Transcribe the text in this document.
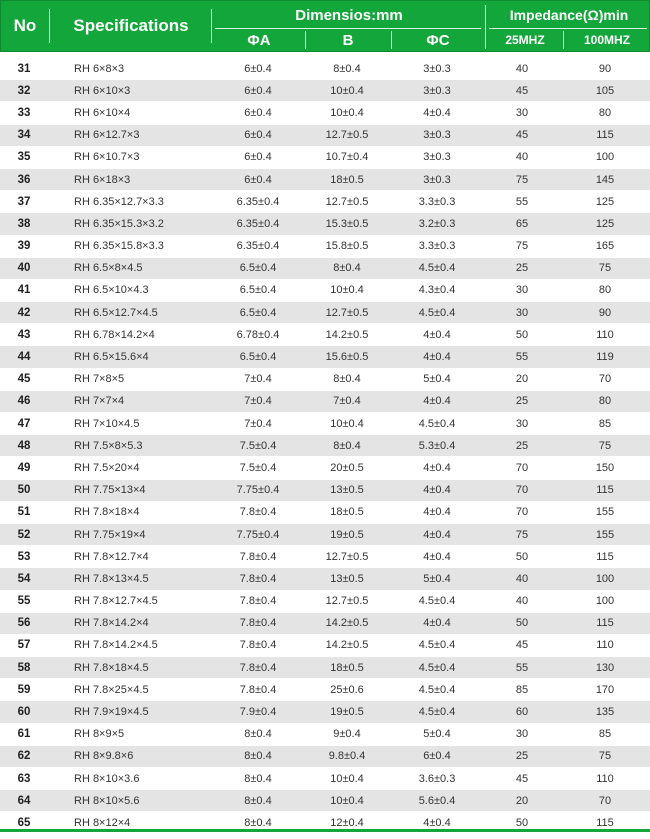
No	Specifications
Dimensios:mm	Impedance(Ω)min
ΦA	B	ΦC	25MHZ	100MHZ
31	RH 6×8×3	6±0.4	8±0.4	3±0.3	40	90
32	RH 6×10×3	6±0.4	10±0.4	3±0.3	45	105
33	RH 6×10×4	6±0.4	10±0.4	4±0.4	30	80
34	RH 6×12.7×3	6±0.4	12.7±0.5	3±0.3	45	115
35	RH 6×10.7×3	6±0.4	10.7±0.4	3±0.3	40	100
36	RH 6×18×3	6±0.4	18±0.5	3±0.3	75	145
37	RH 6.35×12.7×3.3	6.35±0.4	12.7±0.5	3.3±0.3	55	125
38	RH 6.35×15.3×3.2	6.35±0.4	15.3±0.5	3.2±0.3	65	125
39	RH 6.35×15.8×3.3	6.35±0.4	15.8±0.5	3.3±0.3	75	165
40	RH 6.5×8×4.5	6.5±0.4	8±0.4	4.5±0.4	25	75
41	RH 6.5×10×4.3	6.5±0.4	10±0.4	4.3±0.4	30	80
42	RH 6.5×12.7×4.5	6.5±0.4	12.7±0.5	4.5±0.4	30	90
43	RH 6.78×14.2×4	6.78±0.4	14.2±0.5	4±0.4	50	110
44	RH 6.5×15.6×4	6.5±0.4	15.6±0.5	4±0.4	55	119
45	RH 7×8×5	7±0.4	8±0.4	5±0.4	20	70
46	RH 7×7×4	7±0.4	7±0.4	4±0.4	25	80
47	RH 7×10×4.5	7±0.4	10±0.4	4.5±0.4	30	85
48	RH 7.5×8×5.3	7.5±0.4	8±0.4	5.3±0.4	25	75
49	RH 7.5×20×4	7.5±0.4	20±0.5	4±0.4	70	150
50	RH 7.75×13×4	7.75±0.4	13±0.5	4±0.4	70	115
51	RH 7.8×18×4	7.8±0.4	18±0.5	4±0.4	70	155
52	RH 7.75×19×4	7.75±0.4	19±0.5	4±0.4	75	155
53	RH 7.8×12.7×4	7.8±0.4	12.7±0.5	4±0.4	50	115
54	RH 7.8×13×4.5	7.8±0.4	13±0.5	5±0.4	40	100
55	RH 7.8×12.7×4.5	7.8±0.4	12.7±0.5	4.5±0.4	40	100
56	RH 7.8×14.2×4	7.8±0.4	14.2±0.5	4±0.4	50	115
57	RH 7.8×14.2×4.5	7.8±0.4	14.2±0.5	4.5±0.4	45	110
58	RH 7.8×18×4.5	7.8±0.4	18±0.5	4.5±0.4	55	130
59	RH 7.8×25×4.5	7.8±0.4	25±0.6	4.5±0.4	85	170
60	RH 7.9×19×4.5	7.9±0.4	19±0.5	4.5±0.4	60	135
61	RH 8×9×5	8±0.4	9±0.4	5±0.4	30	85
62	RH 8×9.8×6	8±0.4	9.8±0.4	6±0.4	25	75
63	RH 8×10×3.6	8±0.4	10±0.4	3.6±0.3	45	110
64	RH 8×10×5.6	8±0.4	10±0.4	5.6±0.4	20	70
65	RH 8×12×4	8±0.4	12±0.4	4±0.4	50	115
